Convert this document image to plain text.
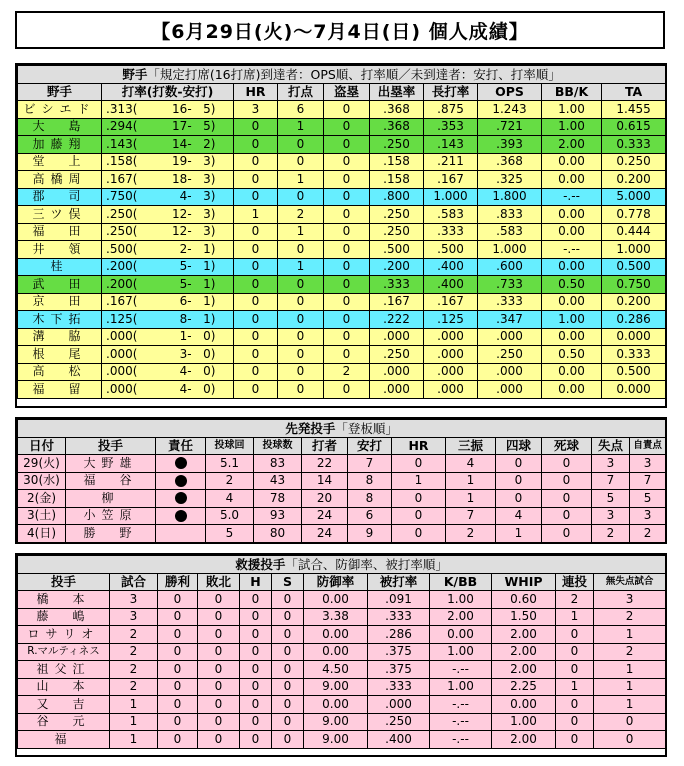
【6月29日(火)～7月4日(日) 個人成績】
野手「規定打席(16打席)到達者：OPS順、打率順／未到達者：安打、打率順」									
野手	打率(打数-安打)	HR	打点	盗塁	出塁率	長打率	OPS	BB/K	TA
ビシエド	.313( 16-   5)	3	6	0	.368	.875	1.243	1.00	1.455
大　島	.294( 17-   5)	0	1	0	.368	.353	.721	1.00	0.615
加藤翔	.143( 14-   2)	0	0	0	.250	.143	.393	2.00	0.333
堂　上	.158( 19-   3)	0	0	0	.158	.211	.368	0.00	0.250
高橋周	.167( 18-   3)	0	1	0	.158	.167	.325	0.00	0.200
郡　司	.750( 4-   3)	0	0	0	.800	1.000	1.800	-.--	5.000
三ツ俣	.250( 12-   3)	1	2	0	.250	.583	.833	0.00	0.778
福　田	.250( 12-   3)	0	1	0	.250	.333	.583	0.00	0.444
井　領	.500( 2-   1)	0	0	0	.500	.500	1.000	-.--	1.000
桂	.200( 5-   1)	0	1	0	.200	.400	.600	0.00	0.500
武　田	.200( 5-   1)	0	0	0	.333	.400	.733	0.50	0.750
京　田	.167( 6-   1)	0	0	0	.167	.167	.333	0.00	0.200
木下拓	.125( 8-   1)	0	0	0	.222	.125	.347	1.00	0.286
溝　脇	.000( 1-   0)	0	0	0	.000	.000	.000	0.00	0.000
根　尾	.000( 3-   0)	0	0	0	.250	.000	.250	0.50	0.333
高　松	.000( 4-   0)	0	0	2	.000	.000	.000	0.00	0.500
福　留	.000( 4-   0)	0	0	0	.000	.000	.000	0.00	0.000
先発投手「登板順」												
日付	投手	責任	投球回	投球数	打者	安打	HR	三振	四球	死球	失点	自責点
29(火)	大野雄		5.1	83	22	7	0	4	0	0	3	3
30(水)	福　谷		2	43	14	8	1	1	0	0	7	7
2(金)	柳		4	78	20	8	0	1	0	0	5	5
3(土)	小笠原		5.0	93	24	6	0	7	4	0	3	3
4(日)	勝　野		5	80	24	9	0	2	1	0	2	2
救援投手「試合、防御率、被打率順」											
投手	試合	勝利	敗北	H	S	防御率	被打率	K/BB	WHIP	連投	無失点試合
橋　本	3	0	0	0	0	0.00	.091	1.00	0.60	2	3
藤　嶋	3	0	0	0	0	3.38	.333	2.00	1.50	1	2
ロサリオ	2	0	0	0	0	0.00	.286	0.00	2.00	0	1
R.マルティネス	2	0	0	0	0	0.00	.375	1.00	2.00	0	2
祖父江	2	0	0	0	0	4.50	.375	-.--	2.00	0	1
山　本	2	0	0	0	0	9.00	.333	1.00	2.25	1	1
又　吉	1	0	0	0	0	0.00	.000	-.--	0.00	0	1
谷　元	1	0	0	0	0	9.00	.250	-.--	1.00	0	0
福	1	0	0	0	0	9.00	.400	-.--	2.00	0	0
